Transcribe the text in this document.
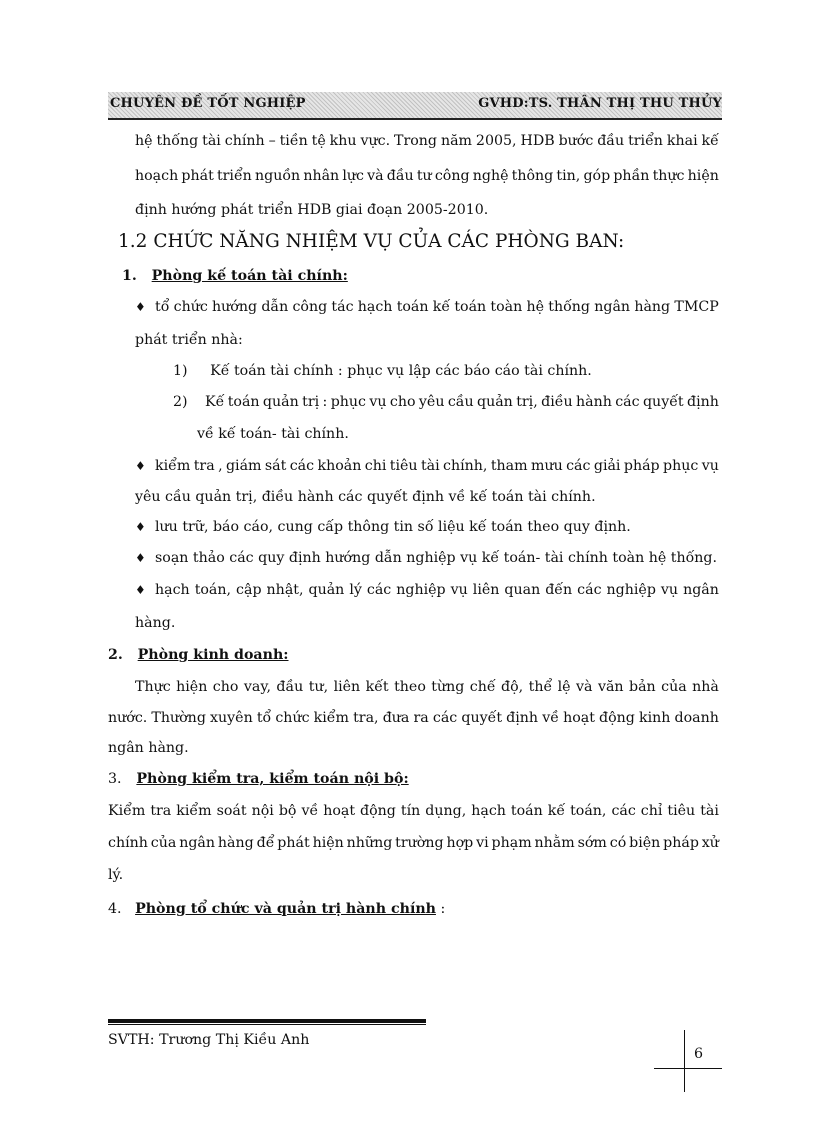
CHUYÊN ĐỀ TỐT NGHIỆP	GVHD:TS. THÂN THỊ THU THỦY
hệ thống tài chính – tiền tệ khu vực. Trong năm 2005, HDB bước đầu triển khai kế
hoạch phát triển nguồn nhân lực và đầu tư công nghệ thông tin, góp phần thực hiện
định hướng phát triển HDB giai đoạn 2005-2010.
1.2 CHỨC NĂNG NHIỆM VỤ CỦA CÁC PHÒNG BAN:
1. Phòng kế toán tài chính:
♦ tổ chức hướng dẫn công tác hạch toán kế toán toàn hệ thống ngân hàng TMCP
phát triển nhà:
1) Kế toán tài chính : phục vụ lập các báo cáo tài chính.
2) Kế toán quản trị : phục vụ cho yêu cầu quản trị, điều hành các quyết định
về kế toán- tài chính.
♦ kiểm tra , giám sát các khoản chi tiêu tài chính, tham mưu các giải pháp phục vụ
yêu cầu quản trị, điều hành các quyết định về kế toán tài chính.
♦ lưu trữ, báo cáo, cung cấp thông tin số liệu kế toán theo quy định.
♦ soạn thảo các quy định hướng dẫn nghiệp vụ kế toán- tài chính toàn hệ thống.
♦ hạch toán, cập nhật, quản lý các nghiệp vụ liên quan đến các nghiệp vụ ngân
hàng.
2. Phòng kinh doanh:
Thực hiện cho vay, đầu tư, liên kết theo từng chế độ, thể lệ và văn bản của nhà
nước. Thường xuyên tổ chức kiểm tra, đưa ra các quyết định về hoạt động kinh doanh
ngân hàng.
3. Phòng kiểm tra, kiểm toán nội bộ:
Kiểm tra kiểm soát nội bộ về hoạt động tín dụng, hạch toán kế toán, các chỉ tiêu tài
chính của ngân hàng để phát hiện những trường hợp vi phạm nhằm sớm có biện pháp xử
lý.
4. Phòng tổ chức và quản trị hành chính :
SVTH: Trương Thị Kiều Anh
6
